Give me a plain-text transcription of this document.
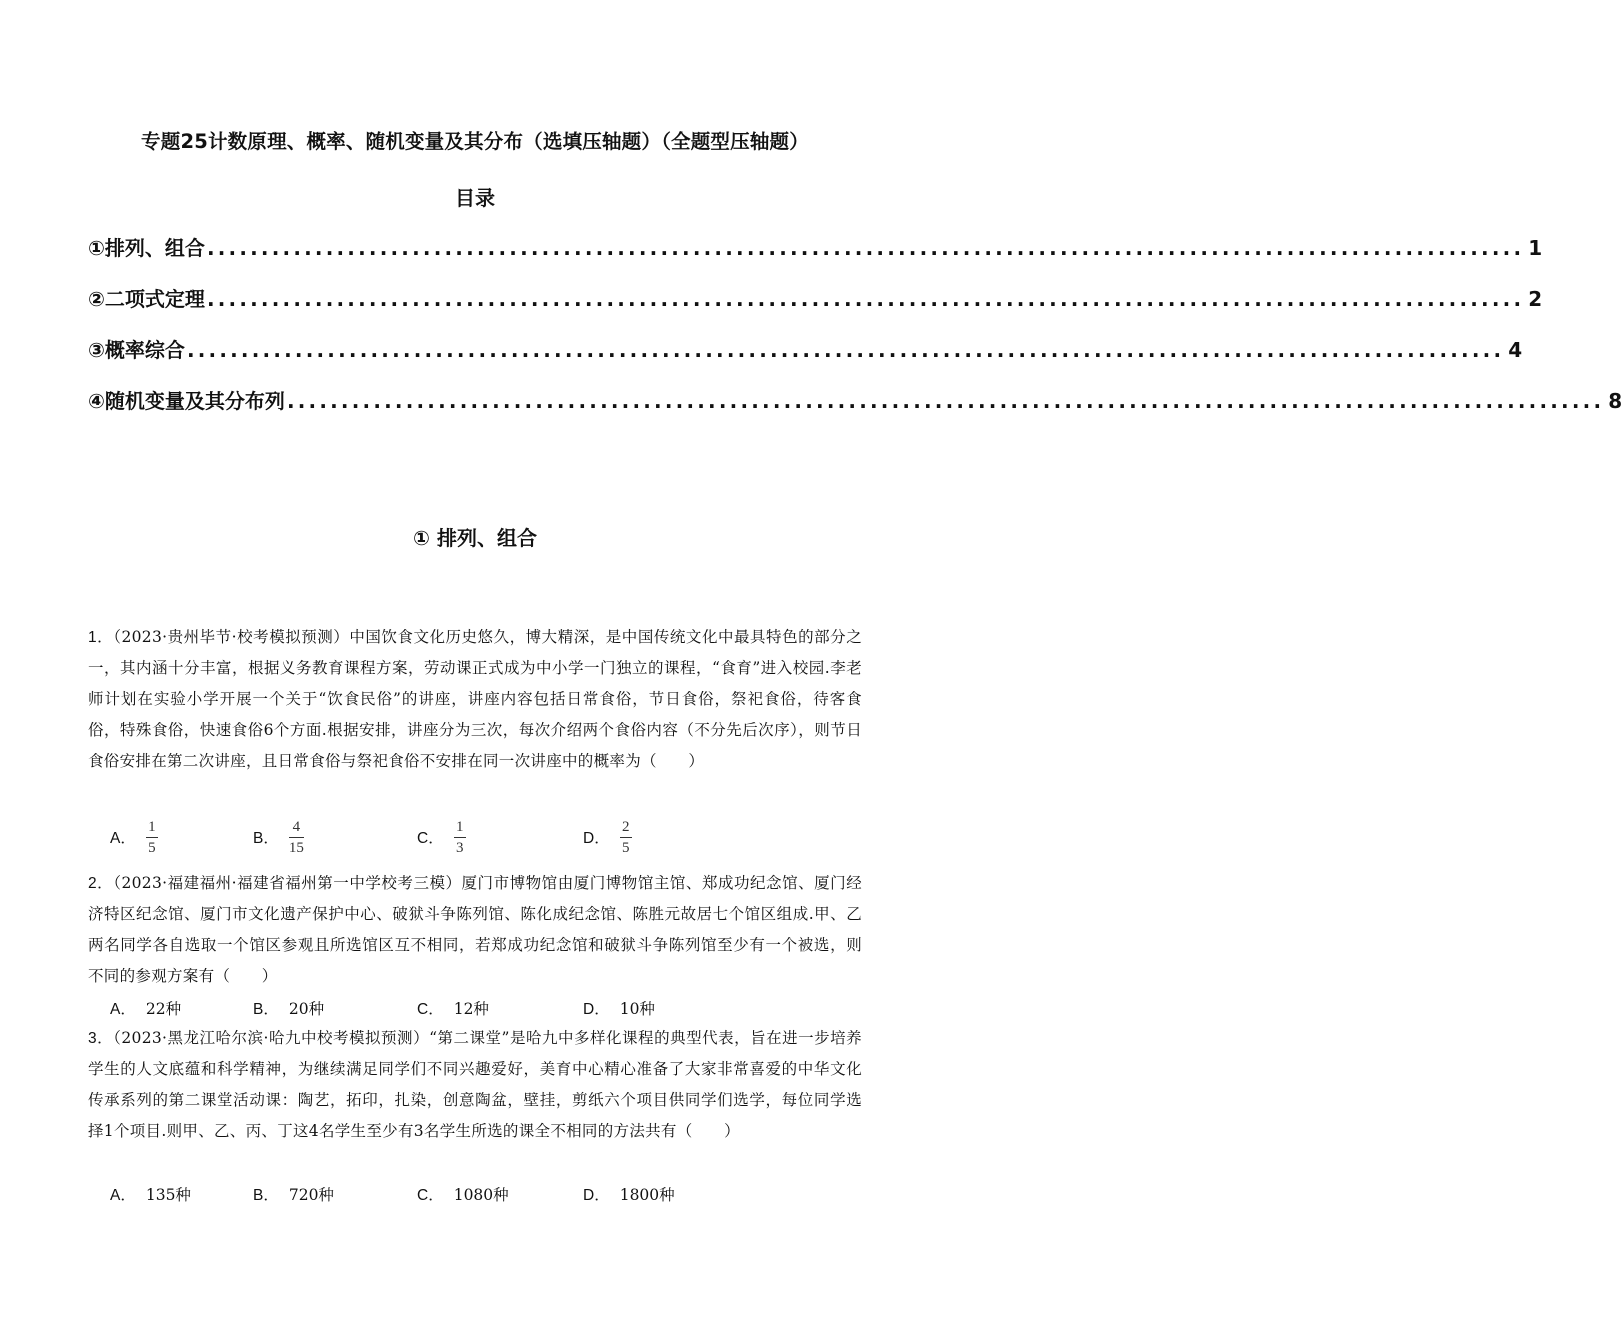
专题25计数原理、概率、随机变量及其分布（选填压轴题）（全题型压轴题）
目录
①排列、组合 .......................................................................................................................... 1
②二项式定理 .......................................................................................................................... 2
③概率综合 .......................................................................................................................... 4
④随机变量及其分布列 .......................................................................................................................... 8
① 排列、组合
1．（2023·贵州毕节·校考模拟预测）中国饮食文化历史悠久，博大精深，是中国传统文化中最具特色的部分之一，其内涵十分丰富，根据义务教育课程方案，劳动课正式成为中小学一门独立的课程，“食育”进入校园.李老师计划在实验小学开展一个关于“饮食民俗”的讲座，讲座内容包括日常食俗，节日食俗，祭祀食俗，待客食俗，特殊食俗，快速食俗6个方面.根据安排，讲座分为三次，每次介绍两个食俗内容（不分先后次序），则节日食俗安排在第二次讲座，且日常食俗与祭祀食俗不安排在同一次讲座中的概率为（　　）
A． $\frac{1}{5}$	B． $\frac{4}{15}$	C． $\frac{1}{3}$	D． $\frac{2}{5}$
2．（2023·福建福州·福建省福州第一中学校考三模）厦门市博物馆由厦门博物馆主馆、郑成功纪念馆、厦门经济特区纪念馆、厦门市文化遗产保护中心、破狱斗争陈列馆、陈化成纪念馆、陈胜元故居七个馆区组成.甲、乙两名同学各自选取一个馆区参观且所选馆区互不相同，若郑成功纪念馆和破狱斗争陈列馆至少有一个被选，则不同的参观方案有（　　）
A． 22种	B． 20种	C． 12种	D． 10种
3．（2023·黑龙江哈尔滨·哈九中校考模拟预测）“第二课堂”是哈九中多样化课程的典型代表，旨在进一步培养学生的人文底蕴和科学精神，为继续满足同学们不同兴趣爱好，美育中心精心准备了大家非常喜爱的中华文化传承系列的第二课堂活动课：陶艺，拓印，扎染，创意陶盆，壁挂，剪纸六个项目供同学们选学，每位同学选择1个项目.则甲、乙、丙、丁这4名学生至少有3名学生所选的课全不相同的方法共有（　　）
A． 135种	B． 720种	C． 1080种	D． 1800种
